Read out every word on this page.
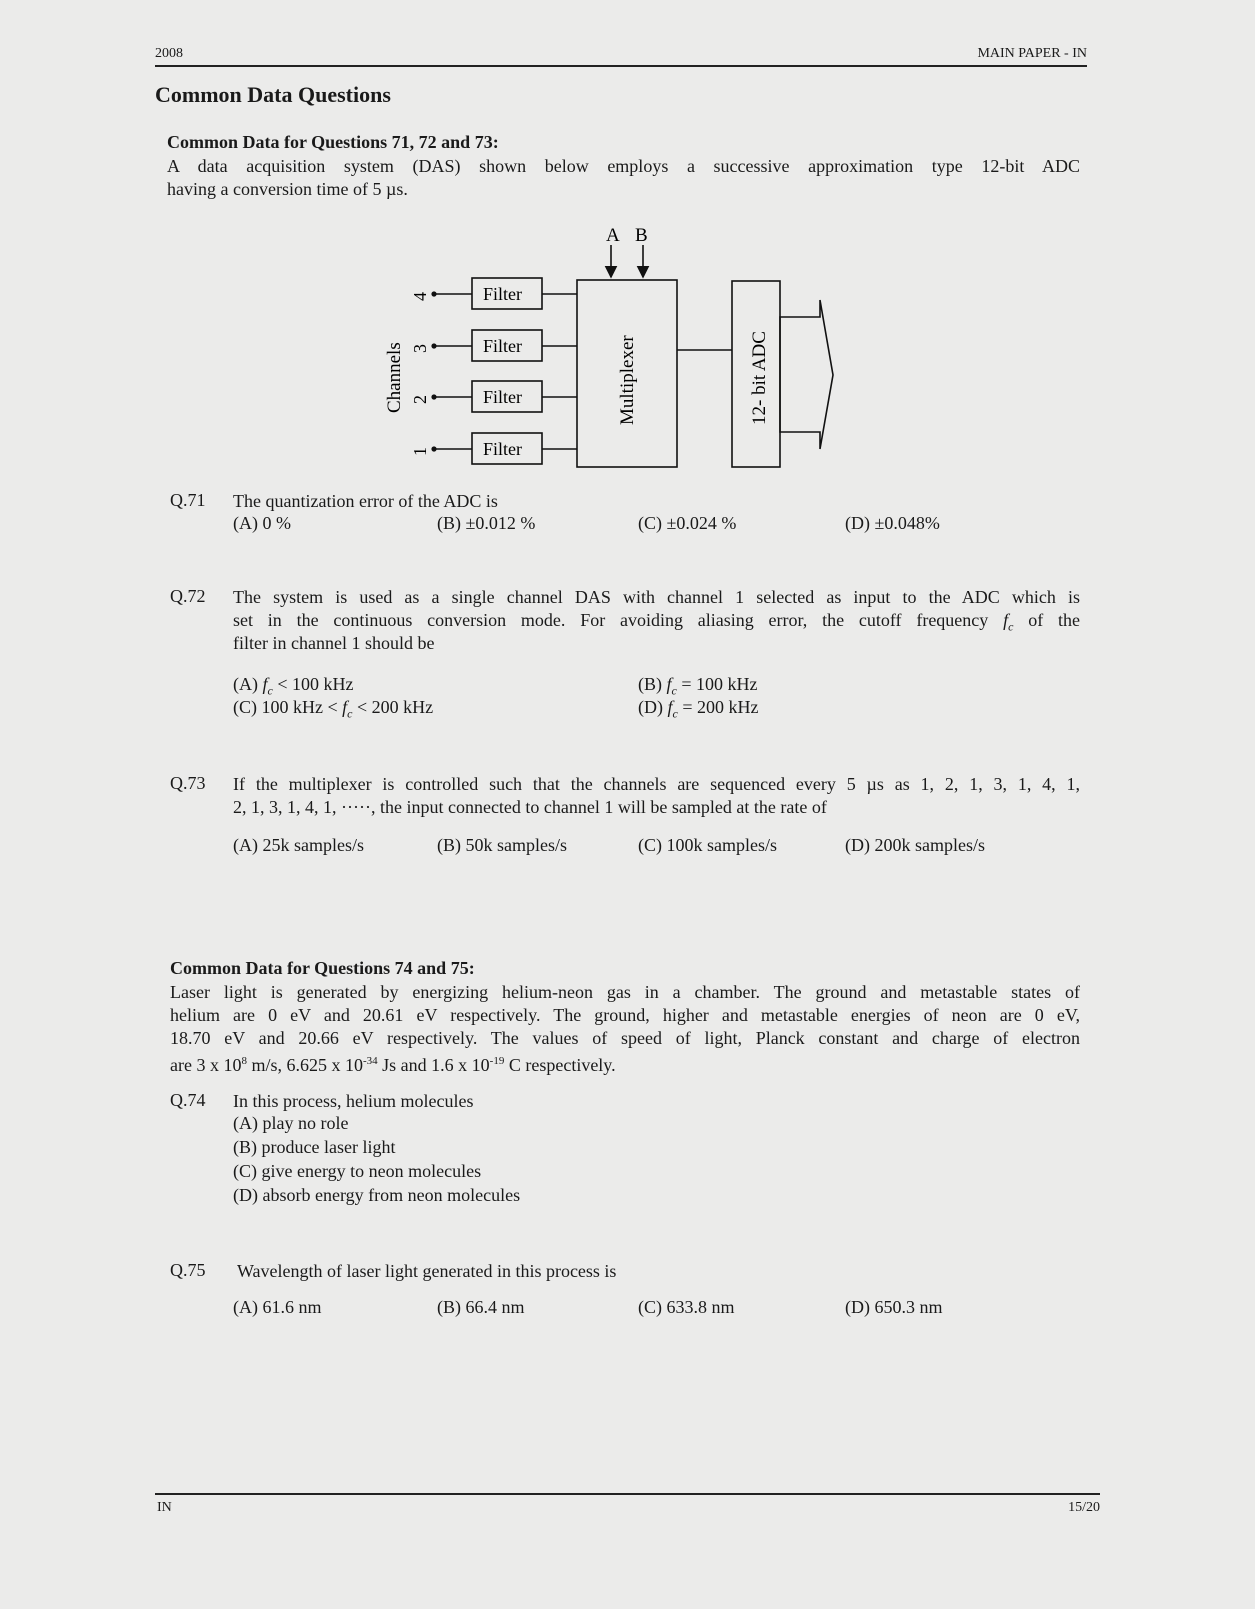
2008	MAIN PAPER - IN
Common Data Questions
Common Data for Questions 71, 72 and 73:
A data acquisition system (DAS) shown below employs a successive approximation type 12-bit ADC
having a conversion time of 5 µs.
A B
Multiplexer	12- bit ADC
Filter
Filter
Filter
Filter
4
3
2
1
Channels
Q.71 The quantization error of the ADC is
(A) 0 %	(B) ±0.012 %	(C) ±0.024 %	(D) ±0.048%
Q.72 The system is used as a single channel DAS with channel 1 selected as input to the ADC which is
set in the continuous conversion mode. For avoiding aliasing error, the cutoff frequency $f_c$ of the
filter in channel 1 should be
(A) $f_c < 100$ kHz	(B) $f_c = 100$ kHz
(C) 100 kHz < $f_c < 200$ kHz	(D) $f_c = 200$ kHz
Q.73 If the multiplexer is controlled such that the channels are sequenced every 5 µs as 1, 2, 1, 3, 1, 4, 1,
2, 1, 3, 1, 4, 1, ·····, the input connected to channel 1 will be sampled at the rate of
(A) 25k samples/s	(B) 50k samples/s	(C) 100k samples/s	(D) 200k samples/s
Common Data for Questions 74 and 75:
Laser light is generated by energizing helium-neon gas in a chamber. The ground and metastable states of
helium are 0 eV and 20.61 eV respectively. The ground, higher and metastable energies of neon are 0 eV,
18.70 eV and 20.66 eV respectively. The values of speed of light, Planck constant and charge of electron
are 3 x $10^8$ m/s, 6.625 x $10^{-34}$ Js and 1.6 x $10^{-19}$ C respectively.
Q.74 In this process, helium molecules
(A) play no role
(B) produce laser light
(C) give energy to neon molecules
(D) absorb energy from neon molecules
Q.75 Wavelength of laser light generated in this process is
(A) 61.6 nm	(B) 66.4 nm	(C) 633.8 nm	(D) 650.3 nm
IN	15/20
